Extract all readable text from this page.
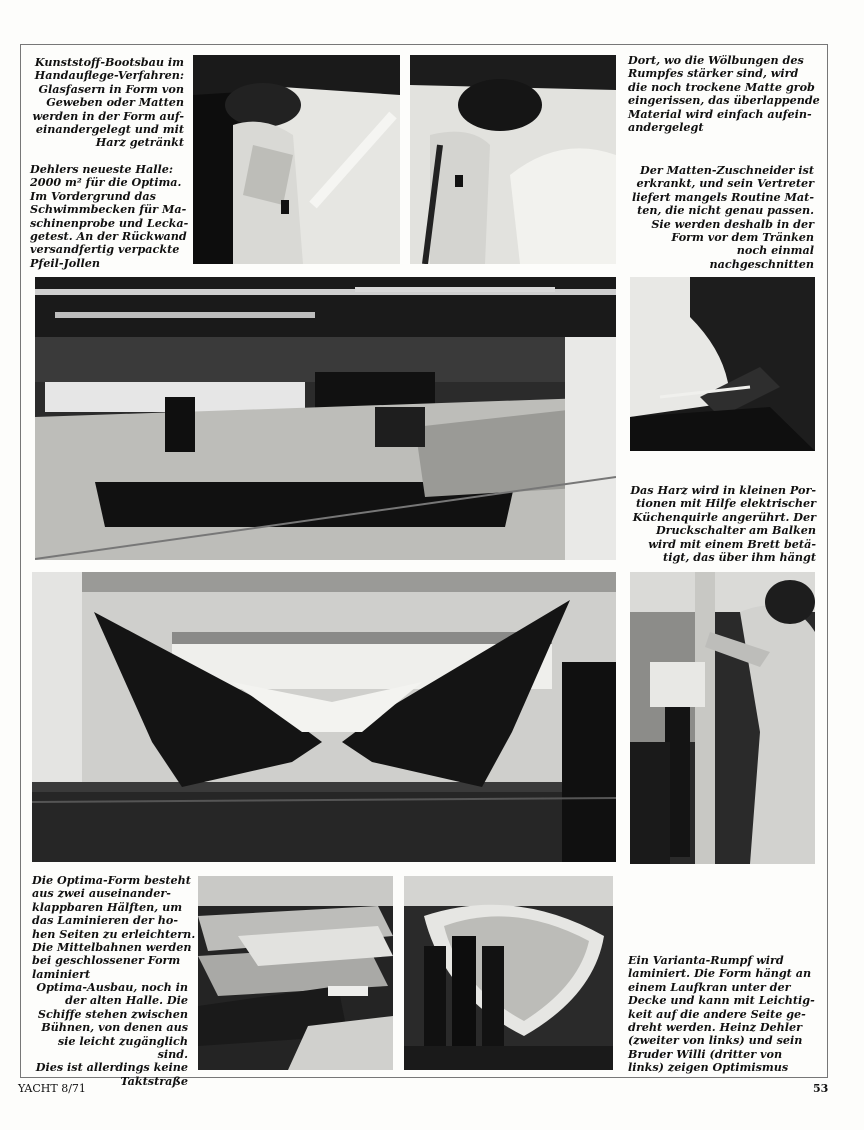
Kunststoff-Bootsbau im
Handauflege-Verfahren:
Glasfasern in Form von
Geweben oder Matten
werden in der Form auf-
einandergelegt und mit
Harz getränkt

Dehlers neueste Halle:
2000 m² für die Optima.
Im Vordergrund das
Schwimmbecken für Ma-
schinenprobe und Lecka-
getest. An der Rückwand
versandfertig verpackte
Pfeil-Jollen

Dort, wo die Wölbungen des
Rumpfes stärker sind, wird
die noch trockene Matte grob
eingerissen, das überlappende
Material wird einfach aufein-
andergelegt

Der Matten-Zuschneider ist
erkrankt, und sein Vertreter
liefert mangels Routine Mat-
ten, die nicht genau passen.
Sie werden deshalb in der
Form vor dem Tränken
noch einmal
nachgeschnitten

Das Harz wird in kleinen Por-
tionen mit Hilfe elektrischer
Küchenquirle angerührt. Der
Druckschalter am Balken
wird mit einem Brett betä-
tigt, das über ihm hängt

Die Optima-Form besteht
aus zwei auseinander-
klappbaren Hälften, um
das Laminieren der ho-
hen Seiten zu erleichtern.
Die Mittelbahnen werden
bei geschlossener Form
laminiert

Optima-Ausbau, noch in
der alten Halle. Die
Schiffe stehen zwischen
Bühnen, von denen aus
sie leicht zugänglich sind.
Dies ist allerdings keine
Taktstraße

Ein Varianta-Rumpf wird
laminiert. Die Form hängt an
einem Laufkran unter der
Decke und kann mit Leichtig-
keit auf die andere Seite ge-
dreht werden. Heinz Dehler
(zweiter von links) und sein
Bruder Willi (dritter von
links) zeigen Optimismus

YACHT 8/71	53
